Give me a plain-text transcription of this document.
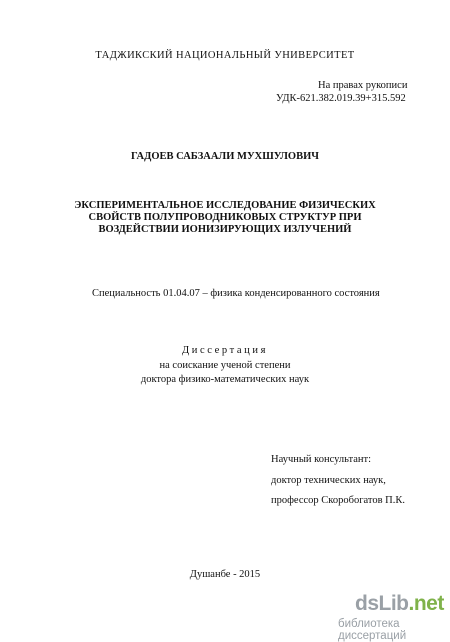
ТАДЖИКСКИЙ НАЦИОНАЛЬНЫЙ УНИВЕРСИТЕТ
На правах рукописи
УДК-621.382.019.39+315.592
ГАДОЕВ САБЗААЛИ МУХШУЛОВИЧ
ЭКСПЕРИМЕНТАЛЬНОЕ ИССЛЕДОВАНИЕ ФИЗИЧЕСКИХ
СВОЙСТВ ПОЛУПРОВОДНИКОВЫХ СТРУКТУР ПРИ
ВОЗДЕЙСТВИИ ИОНИЗИРУЮЩИХ ИЗЛУЧЕНИЙ
Специальность 01.04.07 – физика конденсированного состояния
Диссертация
на соискание ученой степени
доктора физико-математических наук
Научный консультант:
доктор технических наук,
профессор Скоробогатов П.К.
Душанбе - 2015
dsLib.net
библиотека диссертаций
